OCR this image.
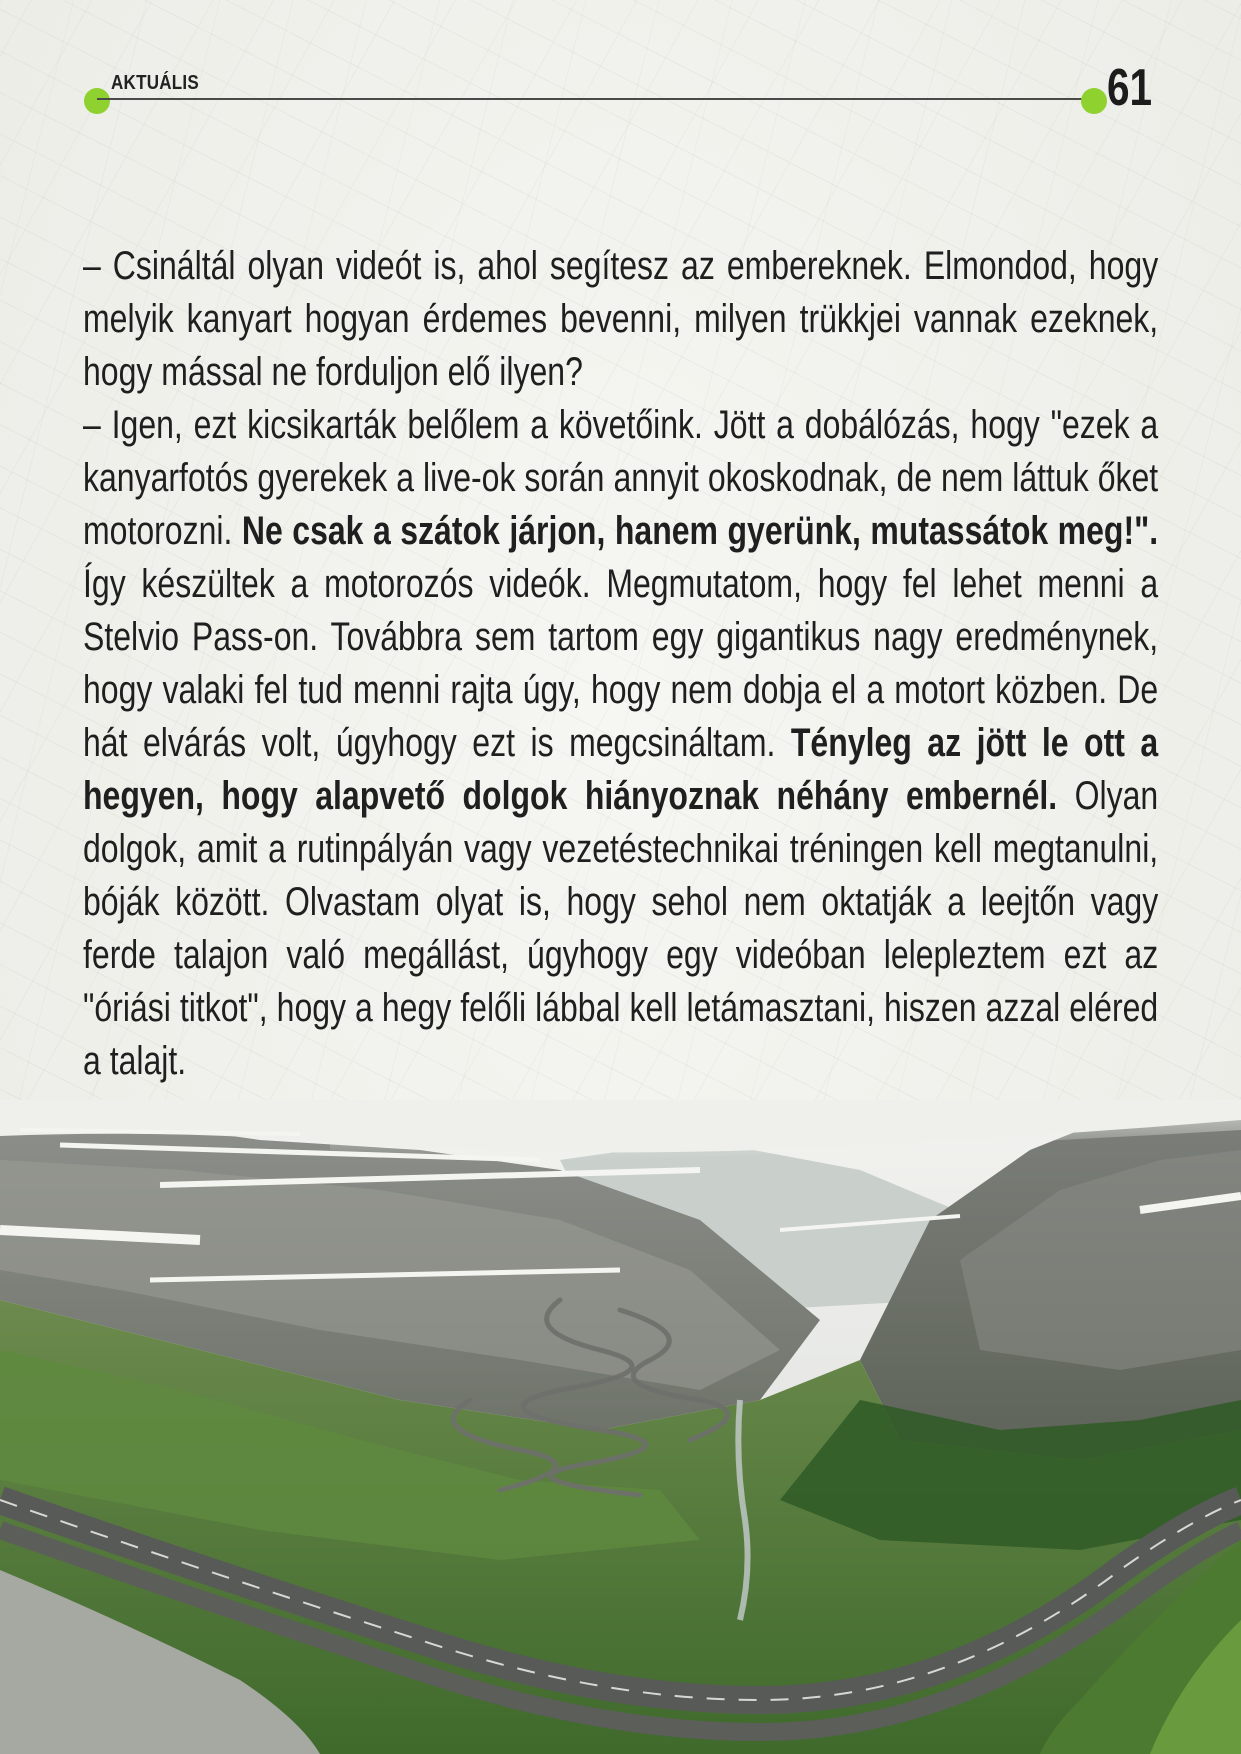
AKTUÁLIS	61

– Csináltál olyan videót is, ahol segítesz az embereknek. Elmondod, hogy melyik kanyart hogyan érdemes bevenni, milyen trükkjei vannak ezeknek, hogy mással ne forduljon elő ilyen?

– Igen, ezt kicsikarták belőlem a követőink. Jött a dobálózás, hogy "ezek a kanyarfotós gyerekek a live-ok során annyit okoskodnak, de nem láttuk őket motorozni. Ne csak a szátok járjon, hanem gyerünk, mutassátok meg!". Így készültek a motorozós videók. Megmutatom, hogy fel lehet menni a Stelvio Pass-on. Továbbra sem tartom egy gigantikus nagy eredménynek, hogy valaki fel tud menni rajta úgy, hogy nem dobja el a motort közben. De hát elvárás volt, úgyhogy ezt is megcsináltam. Tényleg az jött le ott a hegyen, hogy alapvető dolgok hiányoznak néhány embernél. Olyan dolgok, amit a rutinpályán vagy vezetéstechnikai tréningen kell megtanulni, bóják között. Olvastam olyat is, hogy sehol nem oktatják a leejtőn vagy ferde talajon való megállást, úgyhogy egy videóban lelepleztem ezt az "óriási titkot", hogy a hegy felőli lábbal kell letámasztani, hiszen azzal eléred a talajt.
